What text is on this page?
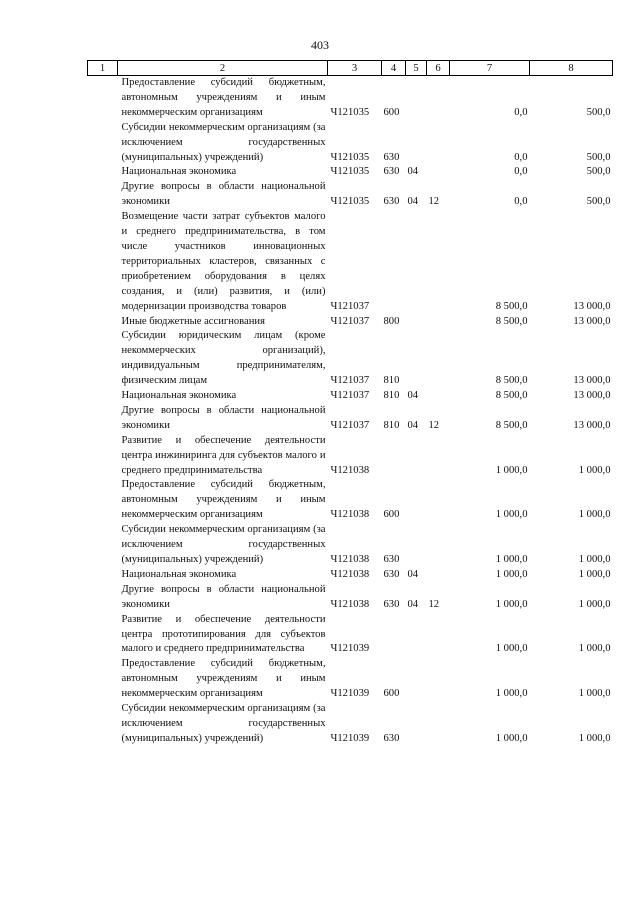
403
1	2	3	4	5	6	7	8
	Предоставление субсидий бюджетным, автономным учреждениям и иным некоммерческим организациям	Ч121035	600			0,0	500,0
	Субсидии некоммерческим организациям (за исключением государственных (муниципальных) учреждений)	Ч121035	630			0,0	500,0
	Национальная экономика	Ч121035	630	04		0,0	500,0
	Другие вопросы в области национальной экономики	Ч121035	630	04	12	0,0	500,0
	Возмещение части затрат субъектов малого и среднего предпринимательства, в том числе участников инновационных территориальных кластеров, связанных с приобретением оборудования в целях создания, и (или) развития, и (или) модернизации производства товаров	Ч121037				8 500,0	13 000,0
	Иные бюджетные ассигнования	Ч121037	800			8 500,0	13 000,0
	Субсидии юридическим лицам (кроме некоммерческих организаций), индивидуальным предпринимателям, физическим лицам	Ч121037	810			8 500,0	13 000,0
	Национальная экономика	Ч121037	810	04		8 500,0	13 000,0
	Другие вопросы в области национальной экономики	Ч121037	810	04	12	8 500,0	13 000,0
	Развитие и обеспечение деятельности центра инжиниринга для субъектов малого и среднего предпринимательства	Ч121038				1 000,0	1 000,0
	Предоставление субсидий бюджетным, автономным учреждениям и иным некоммерческим организациям	Ч121038	600			1 000,0	1 000,0
	Субсидии некоммерческим организациям (за исключением государственных (муниципальных) учреждений)	Ч121038	630			1 000,0	1 000,0
	Национальная экономика	Ч121038	630	04		1 000,0	1 000,0
	Другие вопросы в области национальной экономики	Ч121038	630	04	12	1 000,0	1 000,0
	Развитие и обеспечение деятельности центра прототипирования для субъектов малого и среднего предпринимательства	Ч121039				1 000,0	1 000,0
	Предоставление субсидий бюджетным, автономным учреждениям и иным некоммерческим организациям	Ч121039	600			1 000,0	1 000,0
	Субсидии некоммерческим организациям (за исключением государственных (муниципальных) учреждений)	Ч121039	630			1 000,0	1 000,0
